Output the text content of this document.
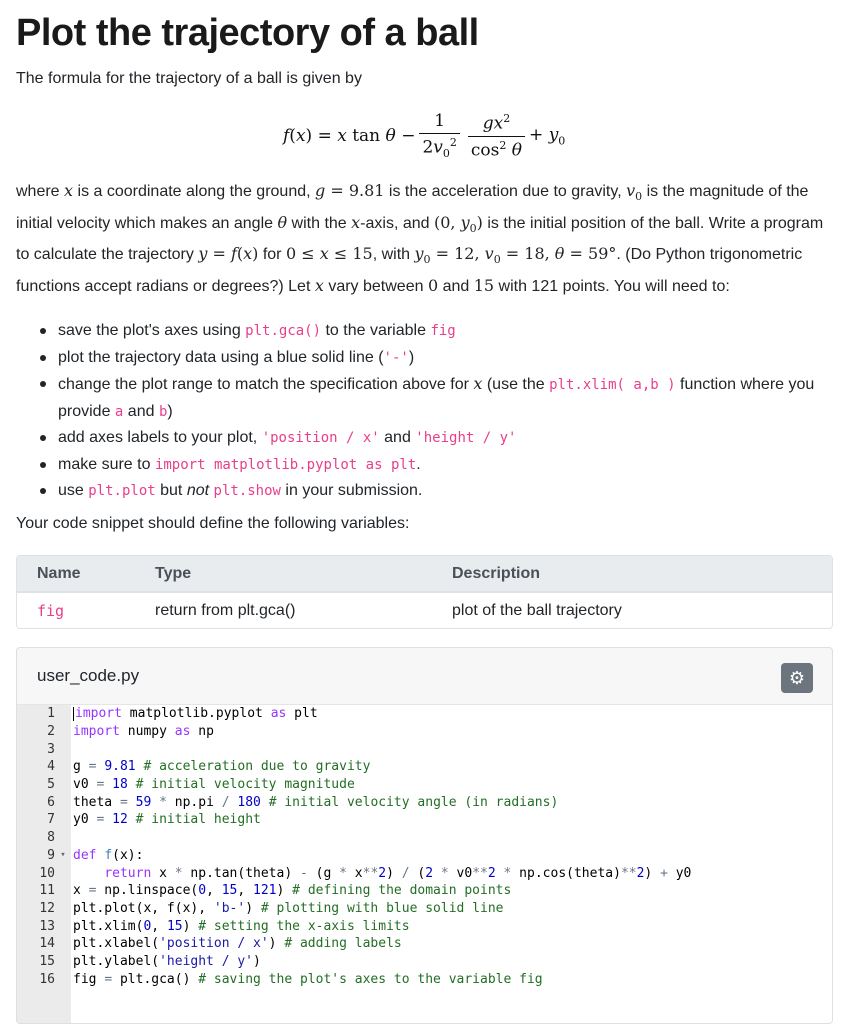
Plot the trajectory of a ball
The formula for the trajectory of a ball is given by
f(x) = x $\tan \theta - \frac{1}{2v_0^2} \frac{gx^2}{\cos^2 \theta} + y_0$
where x is a coordinate along the ground, g = 9.81 is the acceleration due to gravity, $v_0$ is the magnitude of the initial velocity which makes an angle θ with the x-axis, and (0, $y_0$) is the initial position of the ball. Write a program to calculate the trajectory y = f(x) for 0 ≤ x ≤ 15, with $y_0 = 12$, $v_0 = 18$, θ = 59°. (Do Python trigonometric functions accept radians or degrees?) Let x vary between 0 and 15 with 121 points. You will need to:
save the plot's axes using plt.gca() to the variable fig
plot the trajectory data using a blue solid line ('-')
change the plot range to match the specification above for x (use the plt.xlim( a,b ) function where you provide a and b)
add axes labels to your plot, 'position / x' and 'height / y'
make sure to import matplotlib.pyplot as plt.
use plt.plot but not plt.show in your submission.
Your code snippet should define the following variables:
Name	Type	Description
fig	return from plt.gca()	plot of the ball trajectory
user_code.py	⚙
1	import matplotlib.pyplot as plt
2 import numpy as np
3
4 g = 9.81 # acceleration due to gravity
5 v0 = 18 # initial velocity magnitude
6 theta = 59 * np.pi / 180 # initial velocity angle (in radians)
7 y0 = 12 # initial height
8
9 ▾ def f(x):
10	return x * np.tan(theta) - (g * x**2) / (2 * v0**2 * np.cos(theta)**2) + y0
11 x = np.linspace(0, 15, 121) # defining the domain points
12 plt.plot(x, f(x), 'b-') # plotting with blue solid line
13 plt.xlim(0, 15) # setting the x-axis limits
14 plt.xlabel('position / x') # adding labels
15 plt.ylabel('height / y')
16 fig = plt.gca() # saving the plot's axes to the variable fig
